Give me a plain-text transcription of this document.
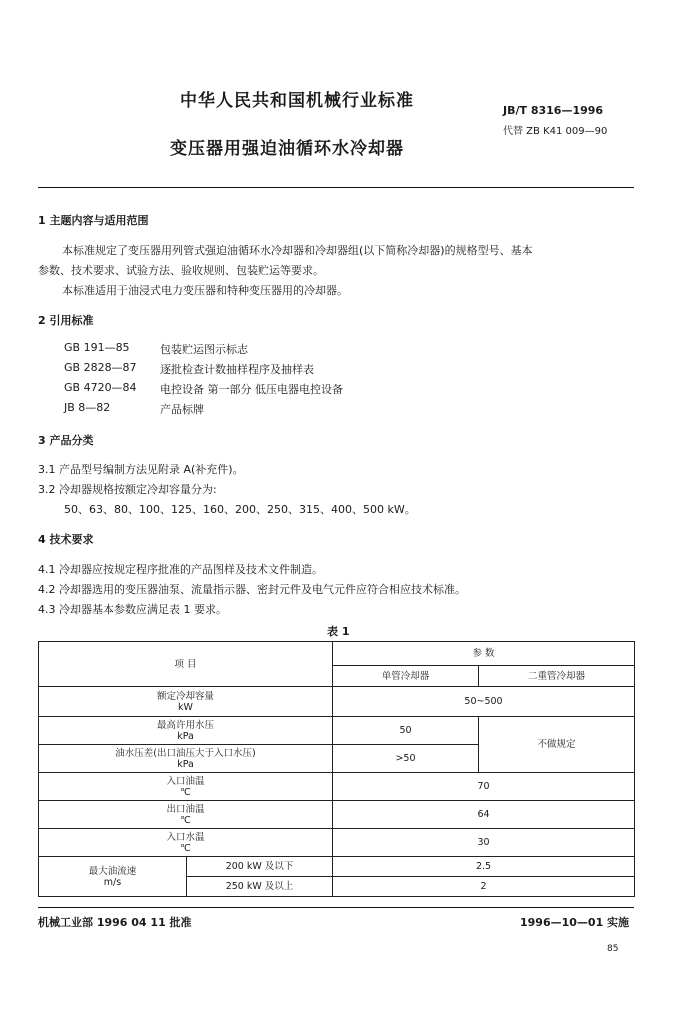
中华人民共和国机械行业标准	JB/T 8316—1996
代替 ZB K41 009—90
变压器用强迫油循环水冷却器
1 主题内容与适用范围
本标准规定了变压器用列管式强迫油循环水冷却器和冷却器组(以下简称冷却器)的规格型号、基本
参数、技术要求、试验方法、验收规则、包装贮运等要求。
本标准适用于油浸式电力变压器和特种变压器用的冷却器。
2 引用标准
GB 191—85	包装贮运图示标志
GB 2828—87 逐批检查计数抽样程序及抽样表
GB 4720—84 电控设备 第一部分 低压电器电控设备
JB 8—82	产品标牌
3 产品分类
3.1 产品型号编制方法见附录 A(补充件)。
3.2 冷却器规格按额定冷却容量分为:
50、63、80、100、125、160、200、250、315、400、500 kW。
4 技术要求
4.1 冷却器应按规定程序批准的产品图样及技术文件制造。
4.2 冷却器选用的变压器油泵、流量指示器、密封元件及电气元件应符合相应技术标准。
4.3 冷却器基本参数应满足表 1 要求。
表 1
项 目		参 数	
		单管冷却器	二重管冷却器

额定冷却容量
kW		50~500	

最高许用水压
kPa		50	不做规定

油水压差(出口油压大于入口水压)
kPa		>50	

入口油温
℃		70	

出口油温
℃		64	

入口水温
℃		30	

最大油流速
m/s	200 kW 及以下	2.5	
	250 kW 及以上	2	
机械工业部 1996 04 11 批准	1996—10—01 实施
85
